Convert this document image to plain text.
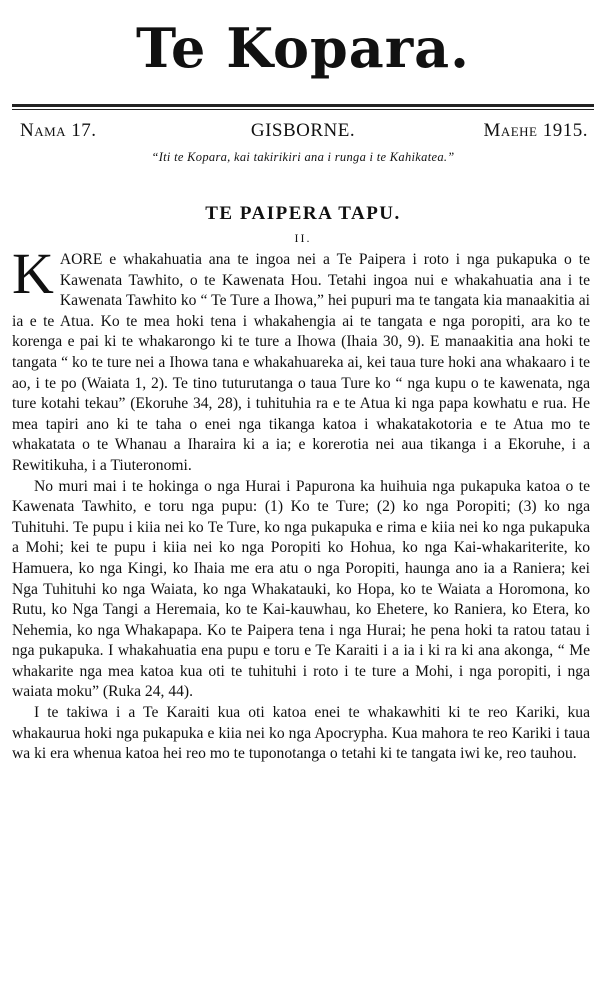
Te Kopara.
GISBORNE.
Nama 17.	Maehe 1915.
“Iti te Kopara, kai takirikiri ana i runga i te Kahikatea.”
TE PAIPERA TAPU.
II.

KAORE e whakahuatia ana te ingoa nei a Te Paipera i roto i nga pukapuka o te Kawenata Tawhito, o te Kawenata Hou. Tetahi ingoa nui e whakahuatia ana i te Kawenata Tawhito ko “ Te Ture a Ihowa,” hei pupuri ma te tangata kia manaakitia ai ia e te Atua. Ko te mea hoki tena i whakahengia ai te tangata e nga poropiti, ara ko te korenga e pai ki te whakarongo ki te ture a Ihowa (Ihaia 30, 9). E manaakitia ana hoki te tangata “ ko te ture nei a Ihowa tana e whakahuareka ai, kei taua ture hoki ana whakaaro i te ao, i te po (Waiata 1, 2). Te tino tuturutanga o taua Ture ko “ nga kupu o te kawenata, nga ture kotahi tekau” (Ekoruhe 34, 28), i tuhituhia ra e te Atua ki nga papa kowhatu e rua. He mea tapiri ano ki te taha o enei nga tikanga katoa i whakatakotoria e te Atua mo te whakatata o te Whanau a Iharaira ki a ia; e korerotia nei aua tikanga i a Ekoruhe, i a Rewitikuha, i a Tiuteronomi.

No muri mai i te hokinga o nga Hurai i Papurona ka huihuia nga pukapuka katoa o te Kawenata Tawhito, e toru nga pupu: (1) Ko te Ture; (2) ko nga Poropiti; (3) ko nga Tuhituhi. Te pupu i kiia nei ko Te Ture, ko nga pukapuka e rima e kiia nei ko nga pukapuka a Mohi; kei te pupu i kiia nei ko nga Poropiti ko Hohua, ko nga Kai-whakariterite, ko Hamuera, ko nga Kingi, ko Ihaia me era atu o nga Poropiti, haunga ano ia a Raniera; kei Nga Tuhituhi ko nga Waiata, ko nga Whakatauki, ko Hopa, ko te Waiata a Horomona, ko Rutu, ko Nga Tangi a Heremaia, ko te Kai-kauwhau, ko Ehetere, ko Raniera, ko Etera, ko Nehemia, ko nga Whakapapa. Ko te Paipera tena i nga Hurai; he pena hoki ta ratou tatau i nga pukapuka. I whakahuatia ena pupu e toru e Te Karaiti i a ia i ki ra ki ana akonga, “ Me whakarite nga mea katoa kua oti te tuhituhi i roto i te ture a Mohi, i nga poropiti, i nga waiata moku” (Ruka 24, 44).

I te takiwa i a Te Karaiti kua oti katoa enei te whakawhiti ki te reo Kariki, kua whakaurua hoki nga pukapuka e kiia nei ko nga Apocrypha. Kua mahora te reo Kariki i taua wa ki era whenua katoa hei reo mo te tuponotanga o tetahi ki te tangata iwi ke, reo tauhou.
